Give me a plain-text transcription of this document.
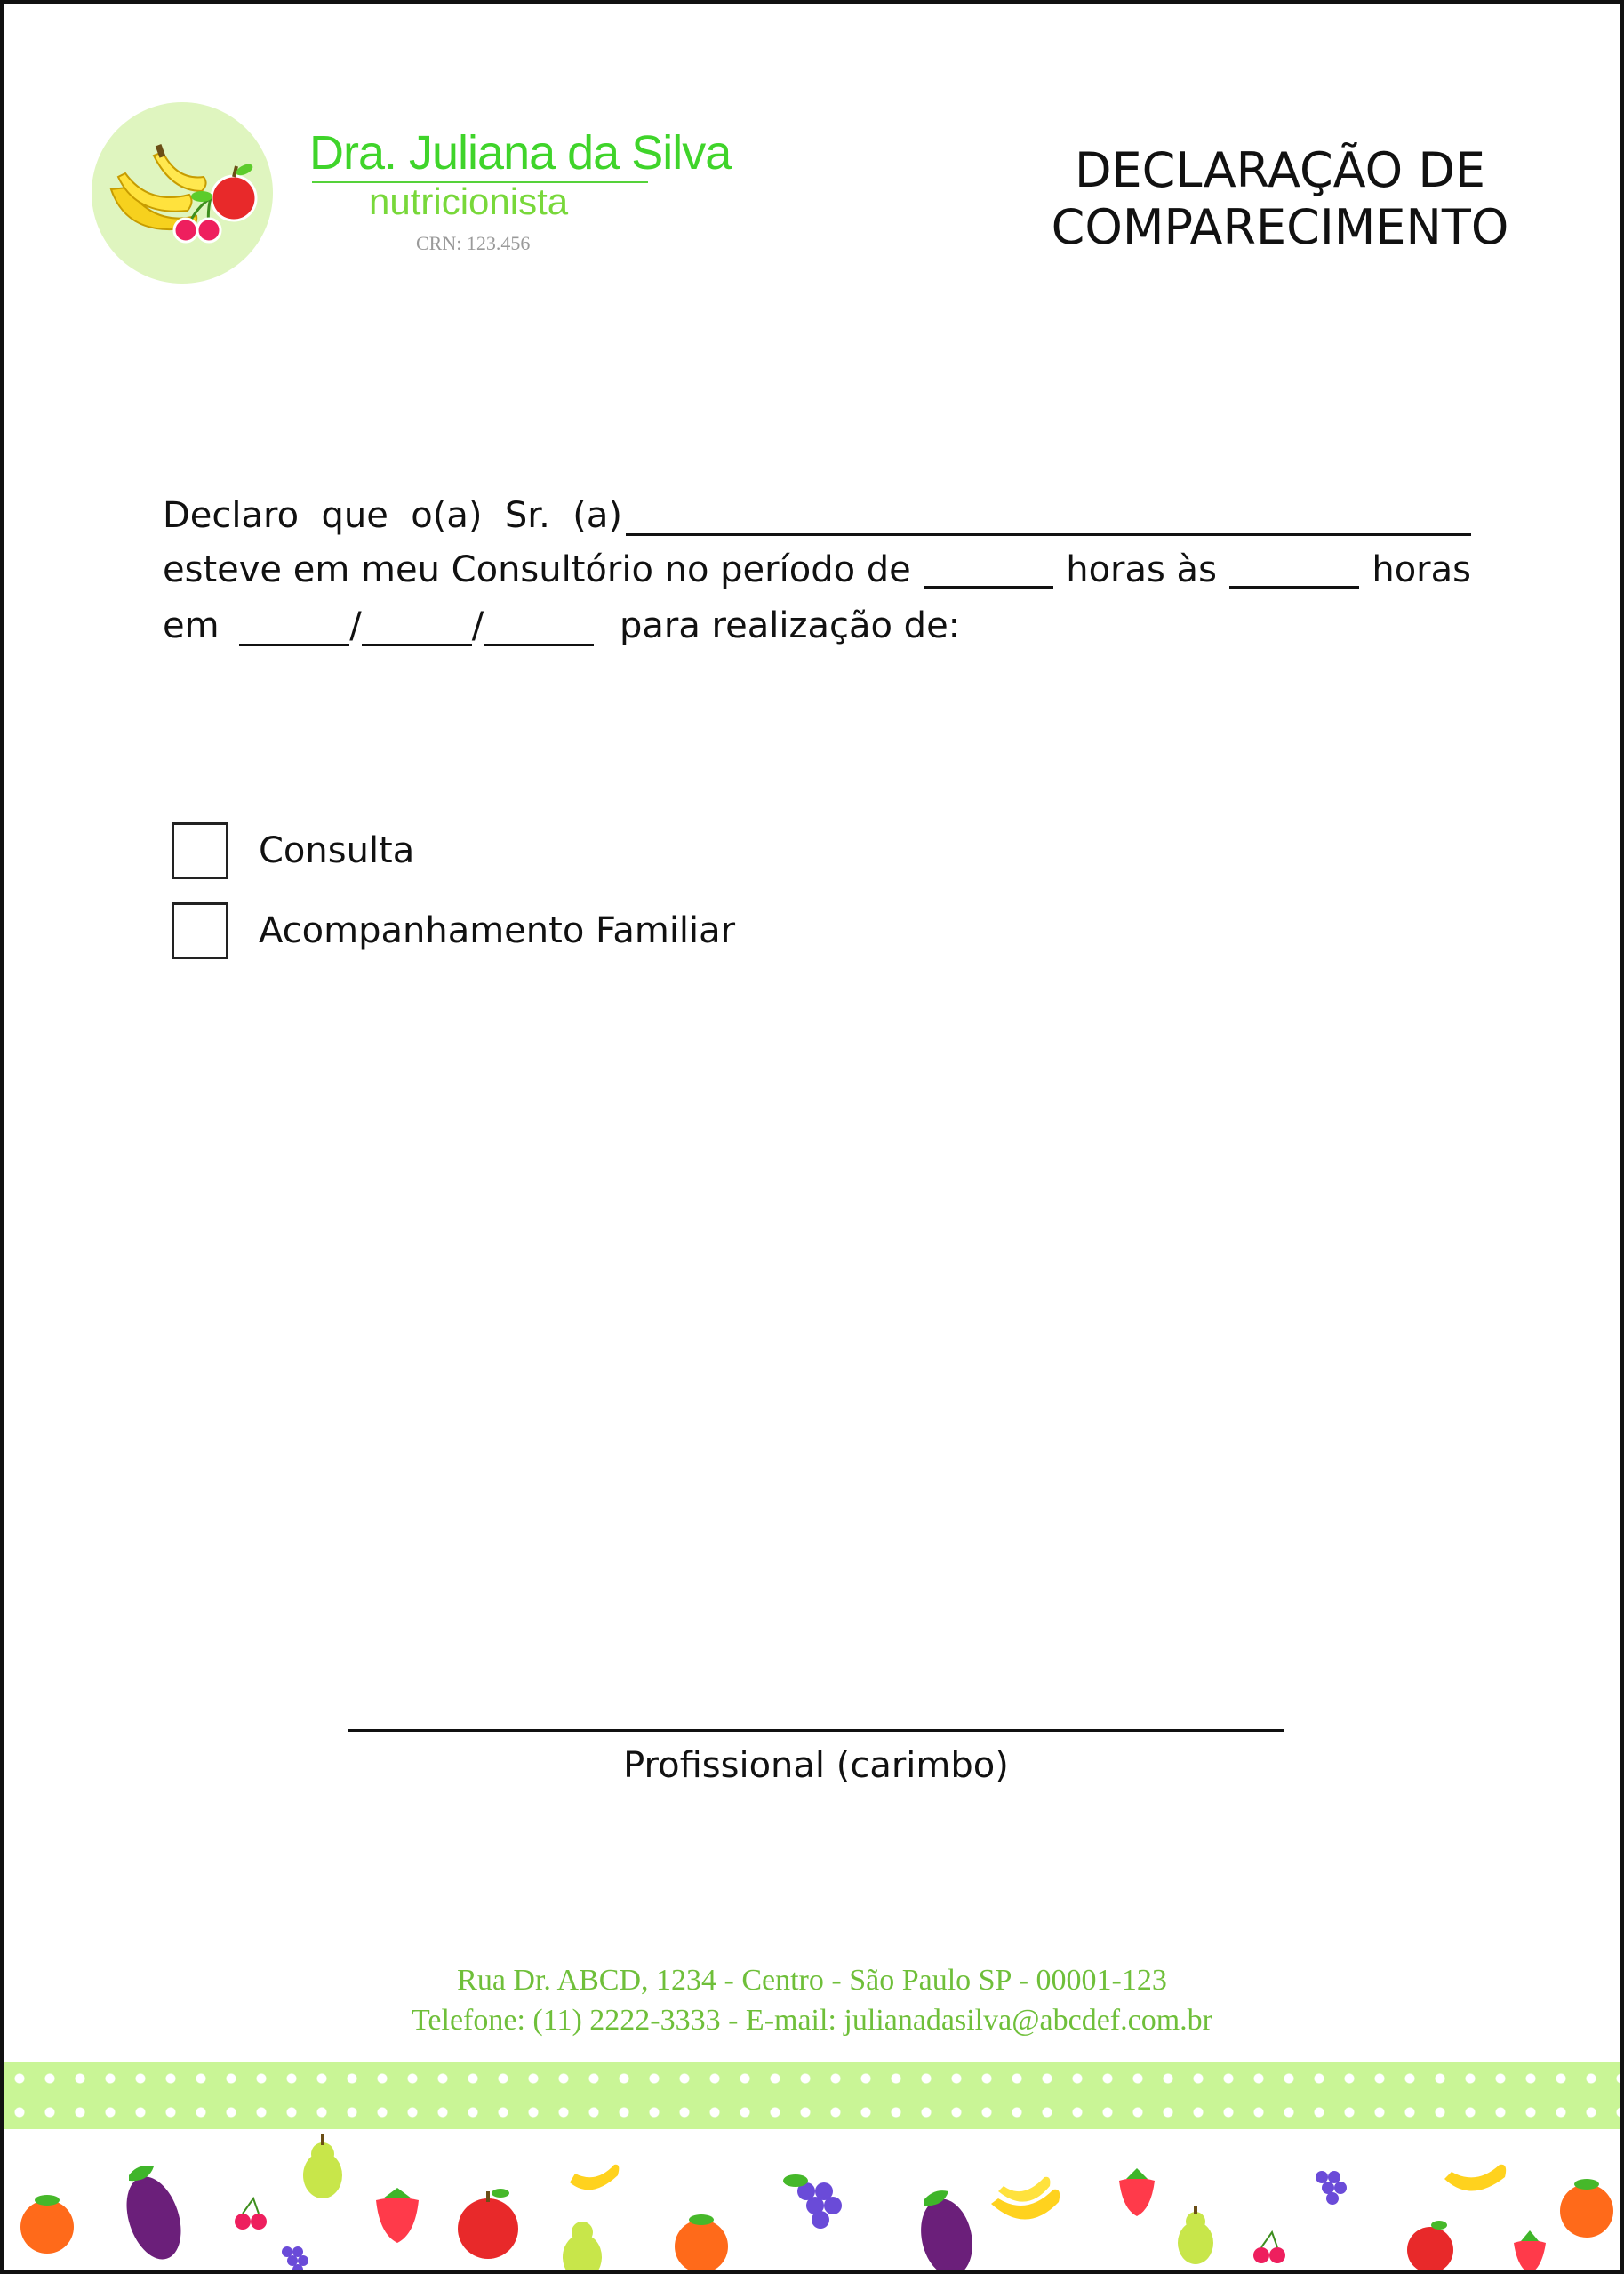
Dra. Juliana da Silva
nutricionista
CRN: 123.456
DECLARAÇÃO DE
COMPARECIMENTO
Declaro  que  o(a)  Sr.  (a)
esteve em meu Consultório no período de	horas às	horas
em	/	/	para realização de:
Consulta
Acompanhamento Familiar
Profissional (carimbo)
Rua Dr. ABCD, 1234 - Centro - São Paulo SP - 00001-123
Telefone: (11) 2222-3333 - E-mail: julianadasilva@abcdef.com.br
